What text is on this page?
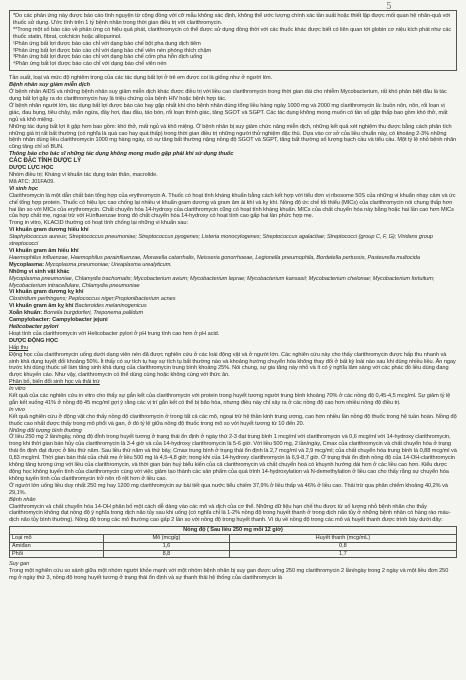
5
*Do các phản ứng này được báo cáo tình nguyện từ cộng đồng với cỡ mẫu không xác định, không thể ước lượng chính xác tần suất hoặc thiết lập được mối quan hệ nhân-quả với thuốc sử dụng. Ước tính trên 1 tỷ bệnh nhân trong thời gian điều trị với clarithromycin.
**Trong một số báo cáo về phản ứng có hiệu quả phát, clarithromycin có thể được sử dụng đồng thời với các thuốc khác được biết có liên quan tới globin cơ niệu kích phát như các thuốc statin, fibrat, colchicin hoặc allopurinol.
¹Phản ứng bất lợi được báo cáo chỉ với dạng bào chế bột pha dung dịch tiêm
²Phản ứng bất lợi được báo cáo chỉ với dạng bào chế viên nén phóng thích chậm
³Phản ứng bất lợi được báo cáo chỉ với dạng bào chế cốm pha hỗn dịch uống
⁴Phản ứng bất lợi được báo cáo chỉ với dạng bào chế viên nén

Tần suất, loại và mức độ nghiêm trọng của các tác dụng bất lợi ở trẻ em được coi là giống như ở người lớn.

Bệnh nhân suy giảm miễn dịch

Ở bệnh nhân AIDS và những bệnh nhân suy giảm miễn dịch khác được điều trị với liều cao clarithromycin trong thời gian dài cho nhiễm Mycobacterium, rất khó phân biệt đâu là tác dụng bất lợi gây ra do clarithromycin hay là triệu chứng của bệnh HIV hoặc bệnh hợp tác.

Ở bệnh nhân người lớn, tác dụng bất lợi được báo cáo hay gặp nhất khi cho bệnh nhân dùng tổng liều hàng ngày 1000 mg và 2000 mg clarithromycin là: buồn nôn, nôn, rối loạn vị giác, đau bụng, tiêu chảy, mẩn ngứa, đầy hơi, đau đầu, táo bón, rối loạn thính giác, tăng SGOT và SGPT. Các tác dụng không mong muốn có tần số gặp thấp bao gồm khó thở, mất ngủ và khô miệng.

Những tác dụng bất lợi ít gặp hơn bao gồm: khó thở, mất ngủ và khô miệng. Ở bệnh nhân bị suy giảm chức năng miễn dịch, những kết quả xét nghiệm thu được bằng cách phân tích những giá trị rất bất thường (có nghĩa là quá cao hay quá thấp) trong thời gian điều trị những người thử nghiệm đặc thù. Dựa vào cơ sở của liều chuẩn này, có khoảng 2-3% những bệnh nhân dùng liều clarithromycin 1000 mg hàng ngày, có sự tăng bất thường nặng nồng độ SGOT và SGPT, tăng bất thường số lượng bạch cầu và tiểu cầu. Một tỷ lệ nhỏ bệnh nhân cũng tăng chỉ số BUN.

Thông báo cho bác sĩ những tác dụng không mong muốn gặp phải khi sử dụng thuốc

CÁC ĐẶC TÍNH DƯỢC LÝ

DƯỢC LỰC HỌC

Nhóm điều trị: Kháng vi khuẩn tác dụng toàn thân, macrolide.

Mã ATC: J01FA09.

Vi sinh học

Clarithromycin là một dẫn chất bán tổng hợp của erythromycin A. Thuốc có hoạt tính kháng khuẩn bằng cách kết hợp với tiểu đơn vị ribosome 50S của những vi khuẩn nhạy cảm và ức chế tổng hợp protein. Thuốc có hiệu lực cao chống lại nhiều vi khuẩn gram dương và gram âm ái khí và kỵ khí. Nồng độ ức chế tối thiểu (MICs) của clarithromycin nói chung thấp hơn hai lần so với MICs của erythromycin. Chất chuyển hóa 14-hydroxy của clarithromycin cũng có hoạt tính kháng khuẩn. MICs của chất chuyển hóa này bằng hoặc hai lần cao hơn MICs của hợp chất mẹ, ngoại trừ với H.influenzae trong đó chất chuyển hóa 14-hydroxy có hoạt tính cao gấp hai lần phức hợp mẹ.

Trong in vitro, KLACID thường có hoạt tính chống lại những vi khuẩn sau:

Vi khuẩn gram dương hiếu khí

Staphylococcus aureus; Streptococcus pneumoniae; Streptococcus pyogenes; Listeria monocytogenes; Streptococcus agalactiae; Streptococci (group C, F, G); Viridans group streptococci

Vi khuẩn gram âm hiếu khí

Haemophilus influenzae, Haemophilus parainfluenzae, Moraxella catarrhalis, Neisseria gonorrhoeae, Legionella pneumophila, Bordetella pertussis, Pasteurella multocida

Mycoplasma: Mycoplasma pneumoniae; Ureaplasma urealyticum.

Những vi sinh vật khác

Mycoplasma pneumoniae, Chlamydia trachomatis; Mycobacterium avium; Mycobacterium leprae; Mycobacterium kansasii; Mycobacterium chelonae; Mycobacterium fortuitum; Mycobacterium intracellulare, Chlamydia pneumoniae

Vi khuẩn gram dương kỵ khí

Clostridium perfringens; Peptococcus niger;Propionibacterium acnes

Vi khuẩn gram âm kỵ khí Bacteroides melaninogenicus

Xoắn khuẩn: Borrelia burgdorferi, Treponema pallidum

Campylobacter: Campylobacter jejuni

Helicobacter pylori

Hoạt tính của clarithromycin với Helicobacter pylori ở pH trung tính cao hơn ở pH acid.

DƯỢC ĐỘNG HỌC

Hấp thu

Động học của clarithromycin uống dưới dạng viên nén đã được nghiên cứu ở các loài động vật và ở người lớn. Các nghiên cứu này cho thấy clarithromycin được hấp thu nhanh và sinh khả dụng tuyệt đối khoảng 50%. Ít thấy có sự tích tụ hay sự tích tụ bất thường nào và khoảng hướng chuyển hóa không thay đổi ở bất kỳ loài nào sau khi dùng nhiều liều. Ăn ngay trước khi dùng thuốc sẽ làm tăng sinh khả dụng của clarithromycin trung bình khoảng 25%. Nói chung, sự gia tăng này nhỏ và ít có ý nghĩa lâm sàng với các phác đồ liều dùng đang được khuyến cáo. Như vậy, clarithromycin có thể dùng cùng hoặc không cùng với thức ăn.

Phân bố, biến đổi sinh học và thải trừ

In vitro

Kết quả của các nghiên cứu in vitro cho thấy sự gắn kết của clarithromycin với protein trong huyết tương người trung bình khoảng 70% ở các nồng độ 0,45-4,5 mcg/ml. Sự giảm tỷ lệ gắn kết xuống 41% ở nồng độ 45 mcg/ml gợi ý rằng các vị trí gắn kết có thể bị bão hòa, nhưng điều này chỉ xảy ra ở các nồng độ cao hơn nhiều nồng độ điều trị.

In vivo

Kết quả nghiên cứu ở động vật cho thấy nồng độ clarithromycin ở trong tất cả các mô, ngoại trừ hệ thần kinh trung ương, cao hơn nhiều lần nồng độ thuốc trong hệ tuần hoàn. Nồng độ thuốc cao nhất được thấy trong mô phổi và gan, ở đó tỷ lệ giữa nồng độ thuốc trong mô so với huyết tương từ 10 đến 20.

Những đối tượng bình thường

Ở liều 250 mg 2 lần/ngày, nồng độ đỉnh trong huyết tương ở trạng thái ổn định ở ngày thứ 2-3 đạt trung bình 1 mcg/ml với clarithromycin và 0,6 mcg/ml với 14-hydroxy clarithromycin, trong khi thời gian bán hủy của clarithromycin là 3-4 giờ và của 14-hydroxy clarithromycin là 5-6 giờ. Với liều 500 mg, 2 lần/ngày, Cmax của clarithromycin và chất chuyển hóa ở trạng thái ổn định đạt được ở liều thứ năm. Sau liều thứ năm và thứ bảy, Cmax trung bình ở trạng thái ổn định là 2,7 mcg/ml và 2,9 mcg/ml; của chất chuyển hóa trung bình là 0,88 mcg/ml và 0,83 mcg/ml. Thời gian bán thải của chất mẹ ở liều 500 mg là 4,5-4,8 giờ; trong khi của 14-hydroxy clarithromycin là 6,9-8,7 giờ. Ở trạng thái ổn định nồng độ của 14-OH-clarithromycin không tăng tương ứng với liều của clarithromycin, và thời gian bán huỷ biểu kiến của cả clarithromycin và chất chuyển hoá có khuynh hướng dài hơn ở các liều cao hơn. Kiểu dược động học không tuyến tính của clarithromycin cùng với việc giảm tạo thành các sản phẩm của quá trình 14-hydroxylation và N-demethylation ở liều cao cho thấy rằng sự chuyển hóa không tuyến tính của clarithromycin trở nên rõ rệt hơn ở liều cao.

Ở người lớn uống liều duy nhất 250 mg hay 1200 mg clarithromycin sự bài tiết qua nước tiểu chiếm 37,9% ở liều thấp và 46% ở liều cao. Thải trừ qua phân chiếm khoảng 40,2% và 29,1%.

Bệnh nhân

Clarithromycin và chất chuyển hóa 14-OH phân bố một cách dễ dàng vào các mô và dịch của cơ thể. Những dữ liệu hạn chế thu được từ số lượng nhỏ bệnh nhân cho thấy clarithromycin không đạt nồng độ ý nghĩa trong dịch não tủy sau khi uống (có nghĩa chỉ là 1-2% nồng độ trong huyết thanh ở trong dịch não tủy ở những bệnh nhân có hàng rào máu-dịch não tủy bình thường). Nồng độ trong các mô thường cao gấp 2 lần so với nồng độ trong huyết thanh. Ví dụ về nồng độ trong các mô và huyết thanh được trình bày dưới đây:

Nồng độ ( Sau liều 250 mg mỗi 12 giờ)		
Loại mô	Mô (mcg/g)	Huyết thanh (mcg/mL)
Amiđan	1,6	0,8
Phổi	8,8	1,7

Suy gan

Trong một nghiên cứu so sánh giữa một nhóm người khỏe mạnh với một nhóm bệnh nhân bị suy gan được uống 250 mg clarithromycin 2 lần/ngày trong 2 ngày và một liều đơn 250 mg ở ngày thứ 3, nồng độ trong huyết tương ở trạng thái ổn định và sự thanh thải hệ thống của clarithromycin là
